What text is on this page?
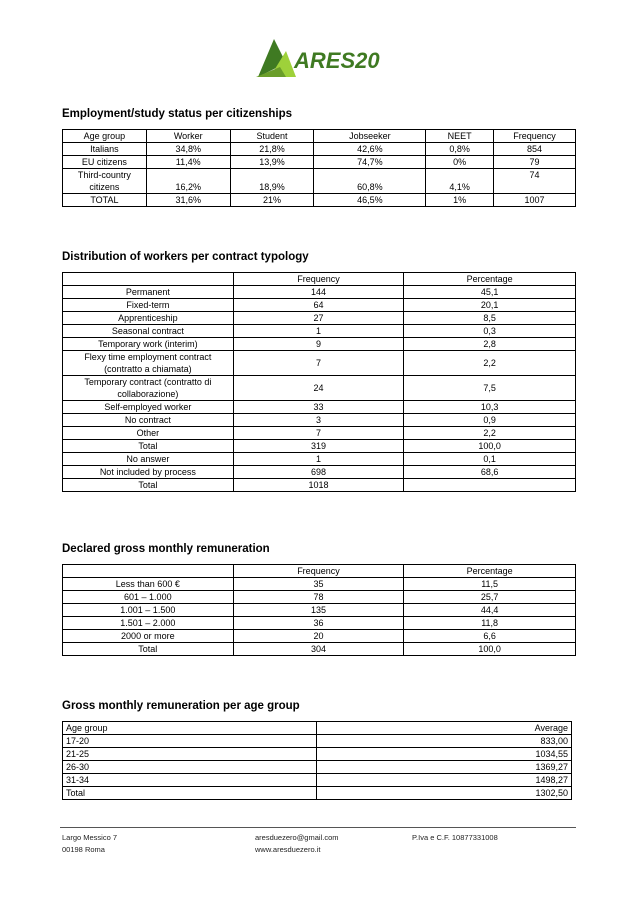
ARES20
Employment/study status per citizenships
Age group	Worker	Student	Jobseeker	NEET	Frequency
Italians	34,8%	21,8%	42,6%	0,8%	854
EU citizens	11,4%	13,9%	74,7%	0%	79
Third-country citizens	16,2%	18,9%	60,8%	4,1%	74
TOTAL	31,6%	21%	46,5%	1%	1007
Distribution of workers per contract typology
	Frequency	Percentage
Permanent	144	45,1
Fixed-term	64	20,1
Apprenticeship	27	8,5
Seasonal contract	1	0,3
Temporary work (interim)	9	2,8
Flexy time employment contract (contratto a chiamata)	7	2,2
Temporary contract (contratto di collaborazione)	24	7,5
Self-employed worker	33	10,3
No contract	3	0,9
Other	7	2,2
Total	319	100,0
No answer	1	0,1
Not included by process	698	68,6
Total	1018	
Declared gross monthly remuneration
	Frequency	Percentage
Less than 600 €	35	11,5
601 – 1.000	78	25,7
1.001 – 1.500	135	44,4
1.501 – 2.000	36	11,8
2000 or more	20	6,6
Total	304	100,0
Gross monthly remuneration per age group
Age group	Average
17-20	833,00
21-25	1034,55
26-30	1369,27
31-34	1498,27
Total	1302,50
Largo Messico 7
00198 Roma
aresduezero@gmail.com
www.aresduezero.it
P.Iva e C.F. 10877331008
